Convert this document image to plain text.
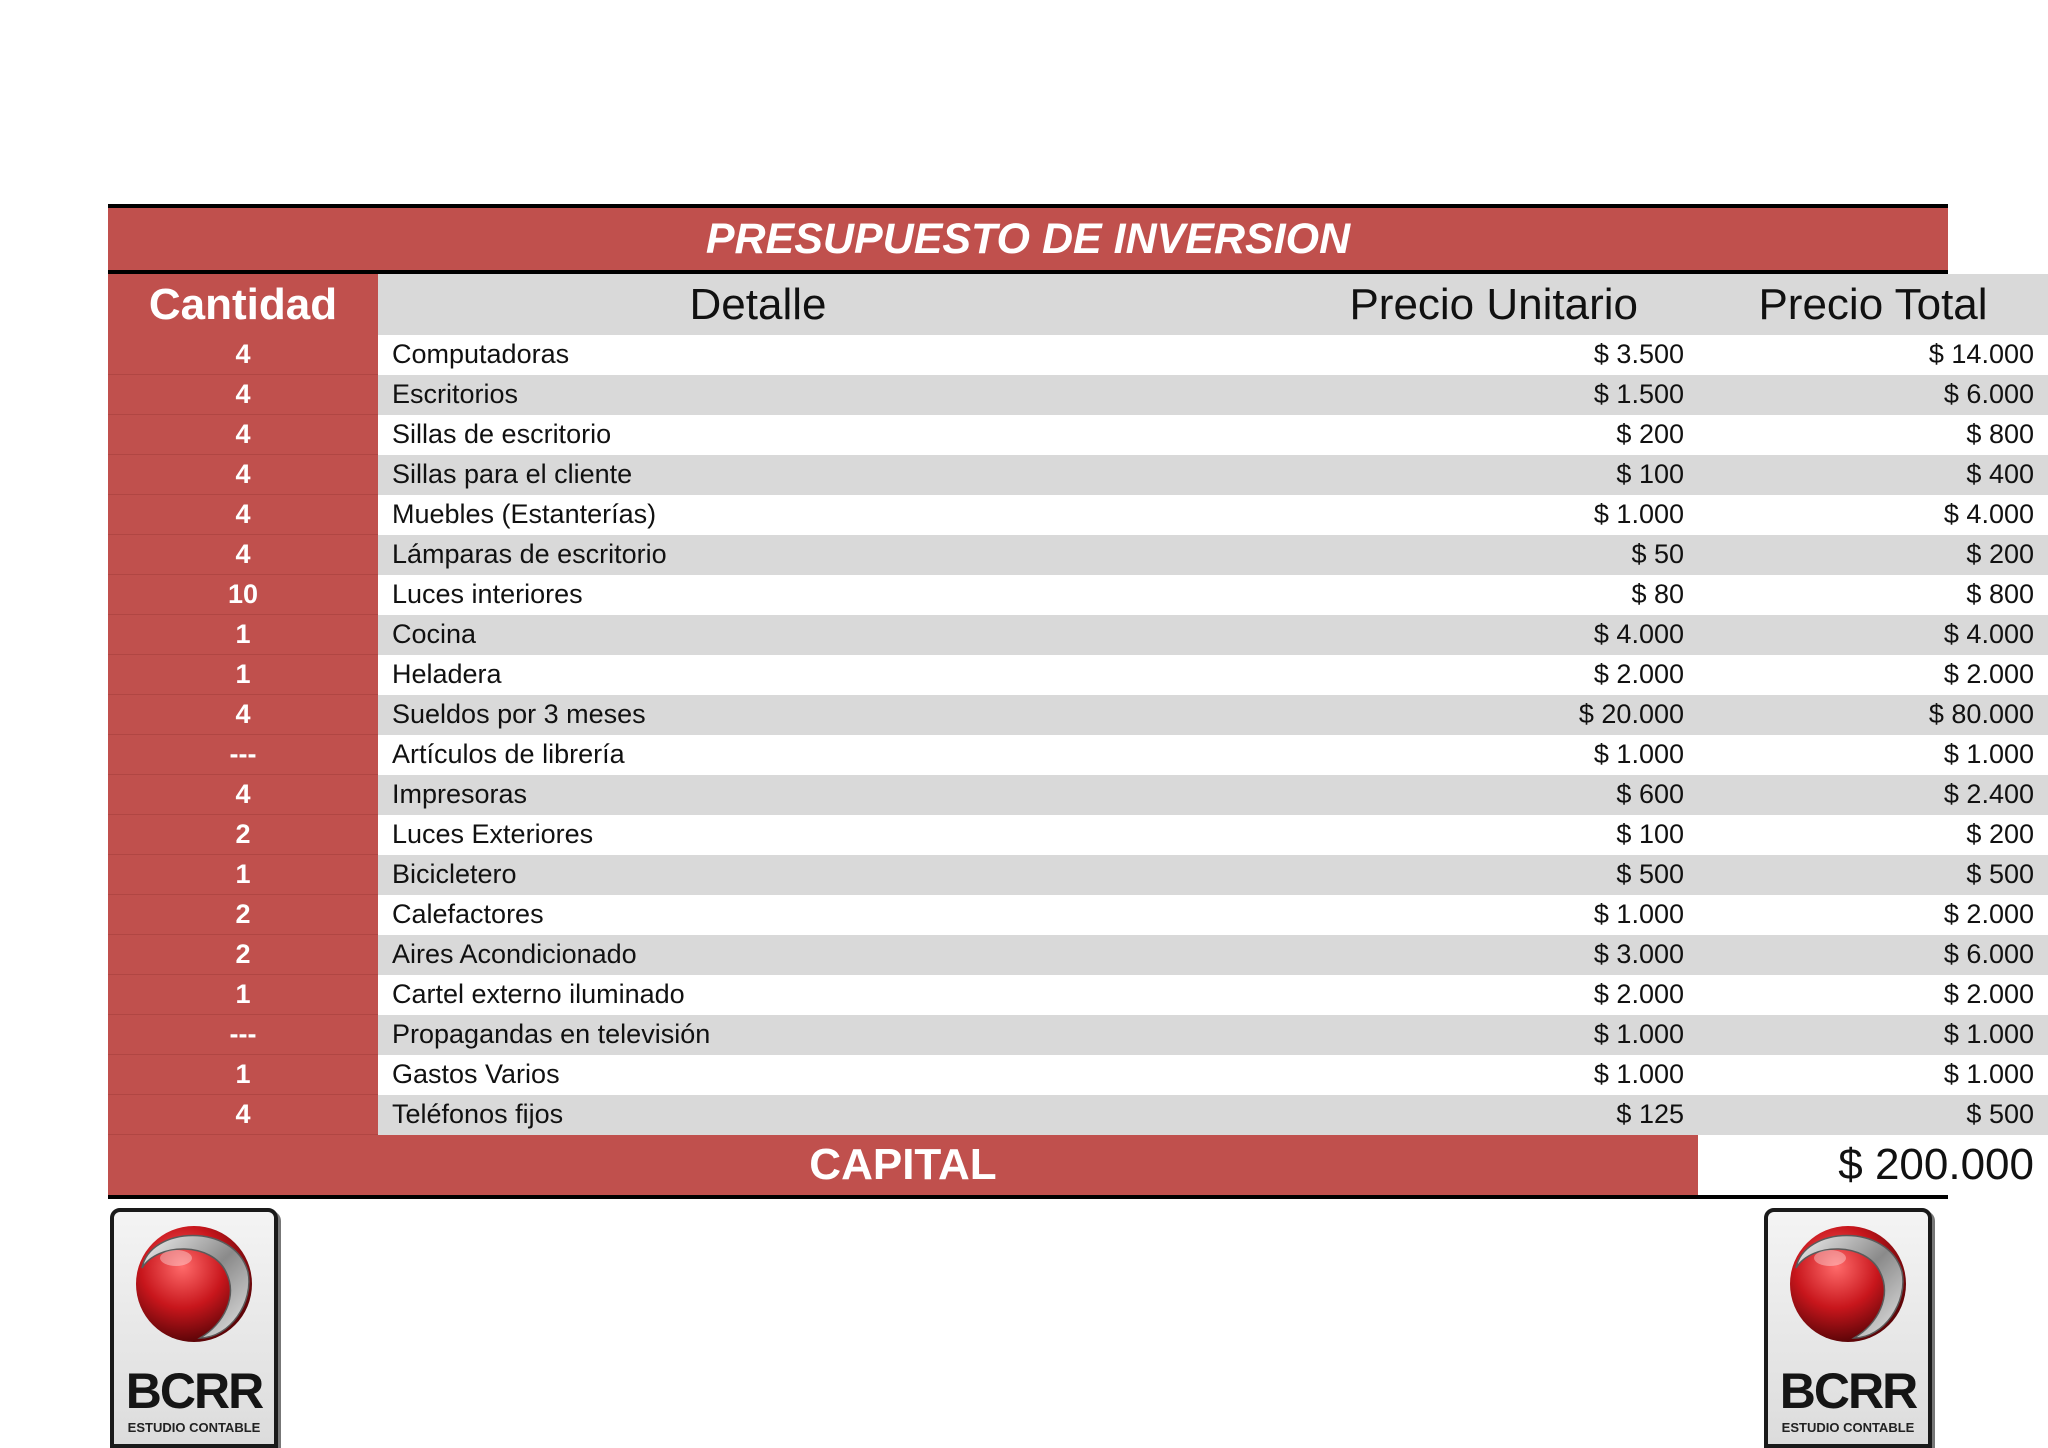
PRESUPUESTO DE INVERSION
Cantidad	Detalle	Precio Unitario	Precio Total
4	Computadoras	$ 3.500	$ 14.000
4	Escritorios	$ 1.500	$ 6.000
4	Sillas de escritorio	$ 200	$ 800
4	Sillas para el cliente	$ 100	$ 400
4	Muebles (Estanterías)	$ 1.000	$ 4.000
4	Lámparas de escritorio	$ 50	$ 200
10	Luces interiores	$ 80	$ 800
1	Cocina	$ 4.000	$ 4.000
1	Heladera	$ 2.000	$ 2.000
4	Sueldos por 3 meses	$ 20.000	$ 80.000
---	Artículos de librería	$ 1.000	$ 1.000
4	Impresoras	$ 600	$ 2.400
2	Luces Exteriores	$ 100	$ 200
1	Bicicletero	$ 500	$ 500
2	Calefactores	$ 1.000	$ 2.000
2	Aires Acondicionado	$ 3.000	$ 6.000
1	Cartel externo iluminado	$ 2.000	$ 2.000
---	Propagandas en televisión	$ 1.000	$ 1.000
1	Gastos Varios	$ 1.000	$ 1.000
4	Teléfonos fijos	$ 125	$ 500
CAPITAL			$ 200.000
BCRR
ESTUDIO CONTABLE
BCRR
ESTUDIO CONTABLE
